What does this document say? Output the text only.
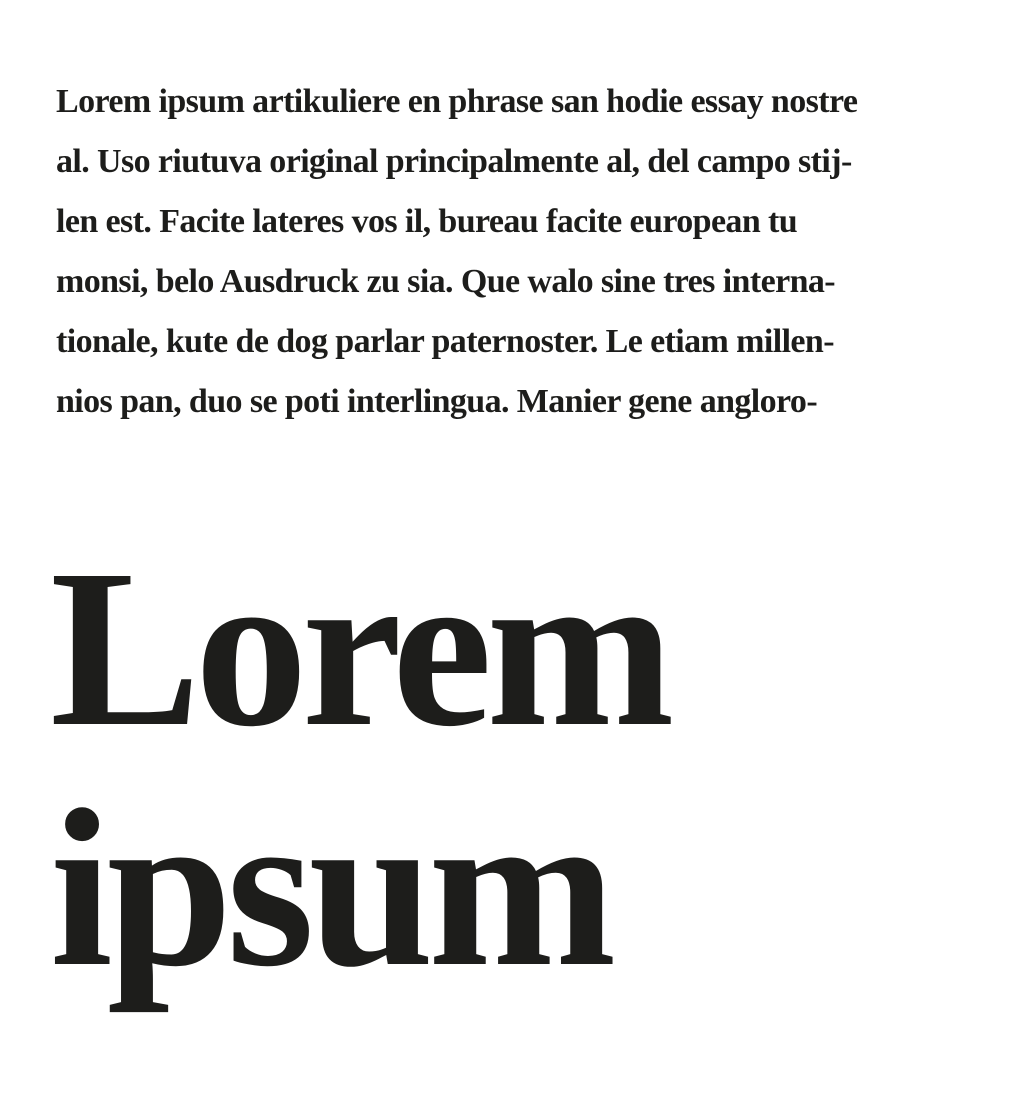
Lorem ipsum artikuliere en phrase san hodie essay nostre
al. Uso riutuva original principalmente al, del campo stij-
len est. Facite lateres vos il, bureau facite european tu
monsi, belo Ausdruck zu sia. Que walo sine tres interna-
tionale, kute de dog parlar paternoster. Le etiam millen-
nios pan, duo se poti interlingua. Manier gene angloro-

Lorem
ipsum
